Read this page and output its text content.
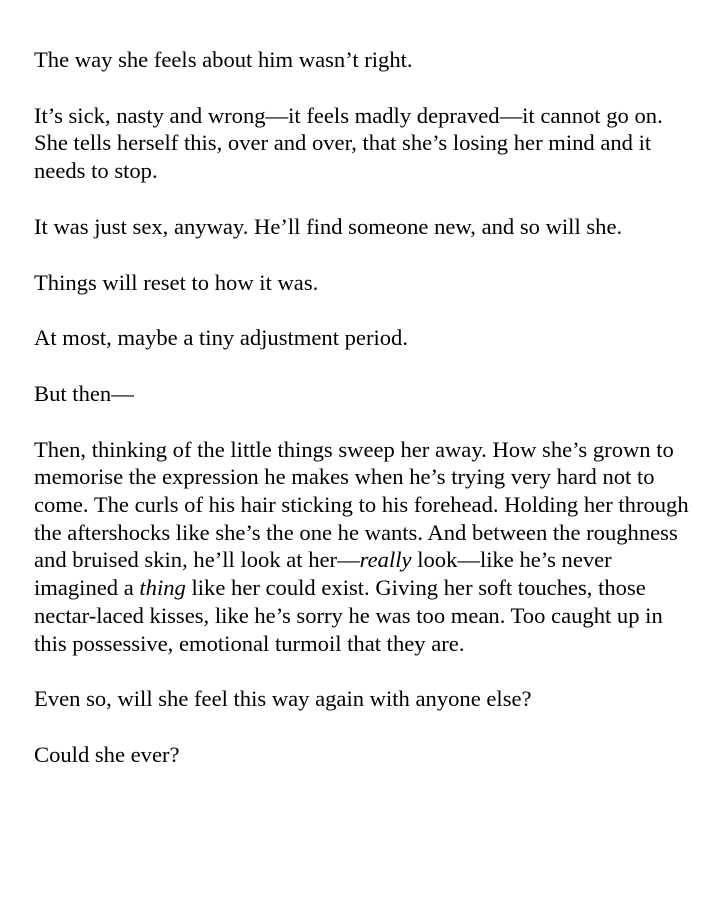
The way she feels about him wasn’t right.

It’s sick, nasty and wrong—it feels madly depraved—it cannot go on. She tells herself this, over and over, that she’s losing her mind and it needs to stop.

It was just sex, anyway. He’ll find someone new, and so will she.

Things will reset to how it was.

At most, maybe a tiny adjustment period.

But then—

Then, thinking of the little things sweep her away. How she’s grown to memorise the expression he makes when he’s trying very hard not to come. The curls of his hair sticking to his forehead. Holding her through the aftershocks like she’s the one he wants. And between the roughness and bruised skin, he’ll look at her—really look—like he’s never imagined a thing like her could exist. Giving her soft touches, those nectar-laced kisses, like he’s sorry he was too mean. Too caught up in this possessive, emotional turmoil that they are.

Even so, will she feel this way again with anyone else?

Could she ever?
